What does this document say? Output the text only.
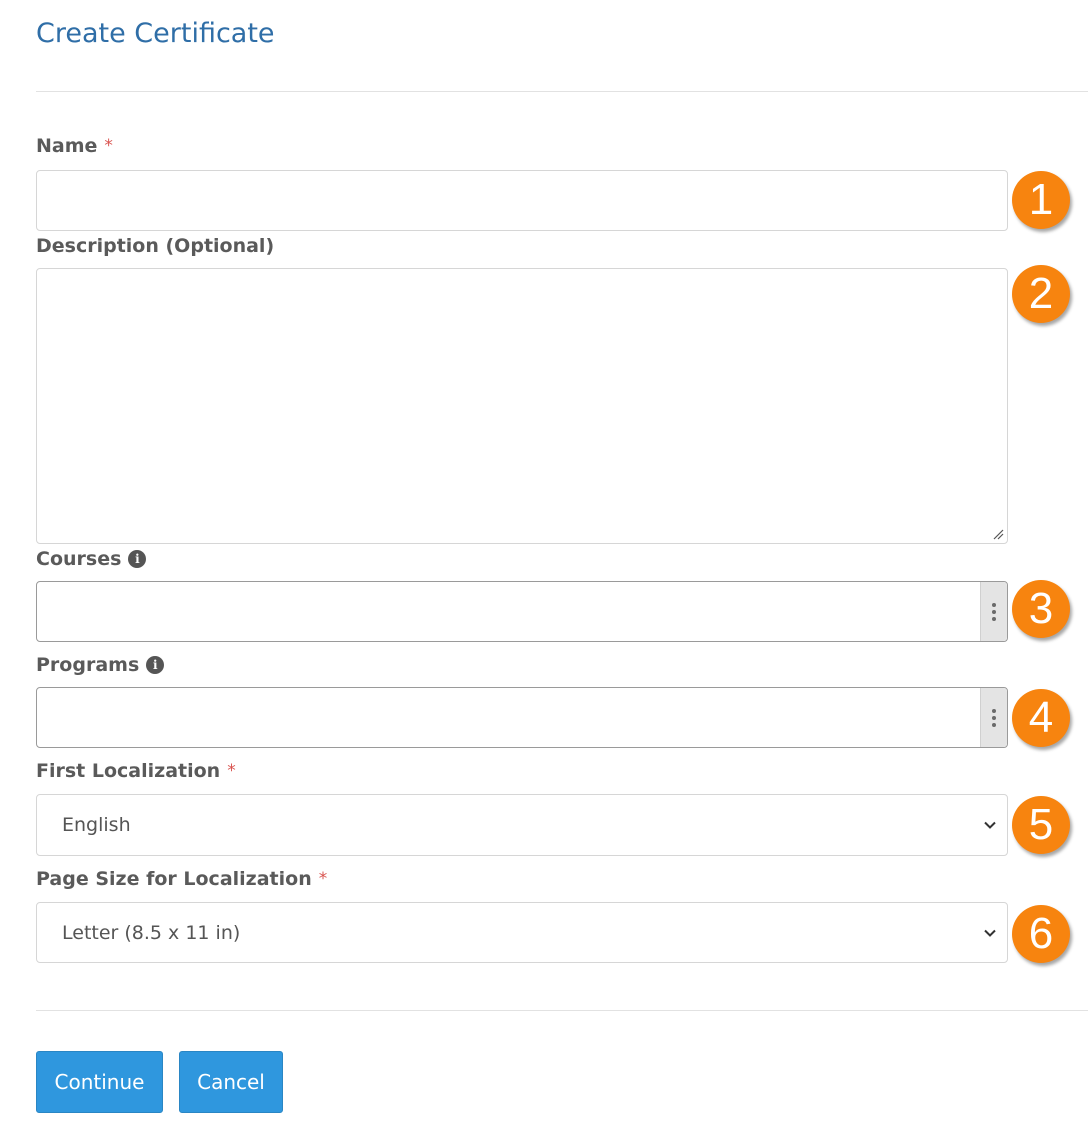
Create Certificate
Name *
1
Description (Optional)
2
Courses	i
3
Programs	i
4
First Localization *
English	5
Page Size for Localization *
Letter (8.5 x 11 in)	6
Continue	Cancel
